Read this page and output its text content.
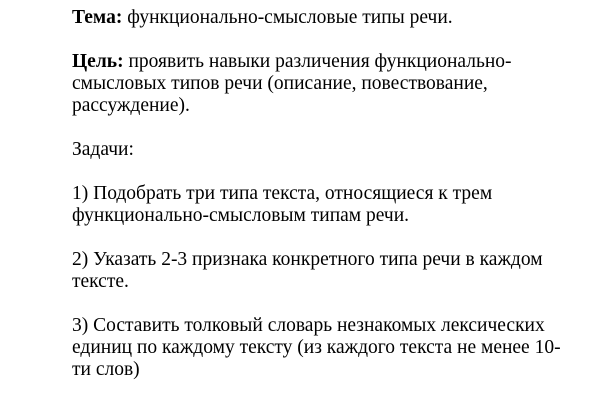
Тема: функционально-смысловые типы речи.

Цель: проявить навыки различения функционально-
смысловых типов речи (описание, повествование,
рассуждение).

Задачи:

1) Подобрать три типа текста, относящиеся к трем
функционально-смысловым типам речи.

2) Указать 2-3 признака конкретного типа речи в каждом
тексте.

3) Составить толковый словарь незнакомых лексических
единиц по каждому тексту (из каждого текста не менее 10-
ти слов)
